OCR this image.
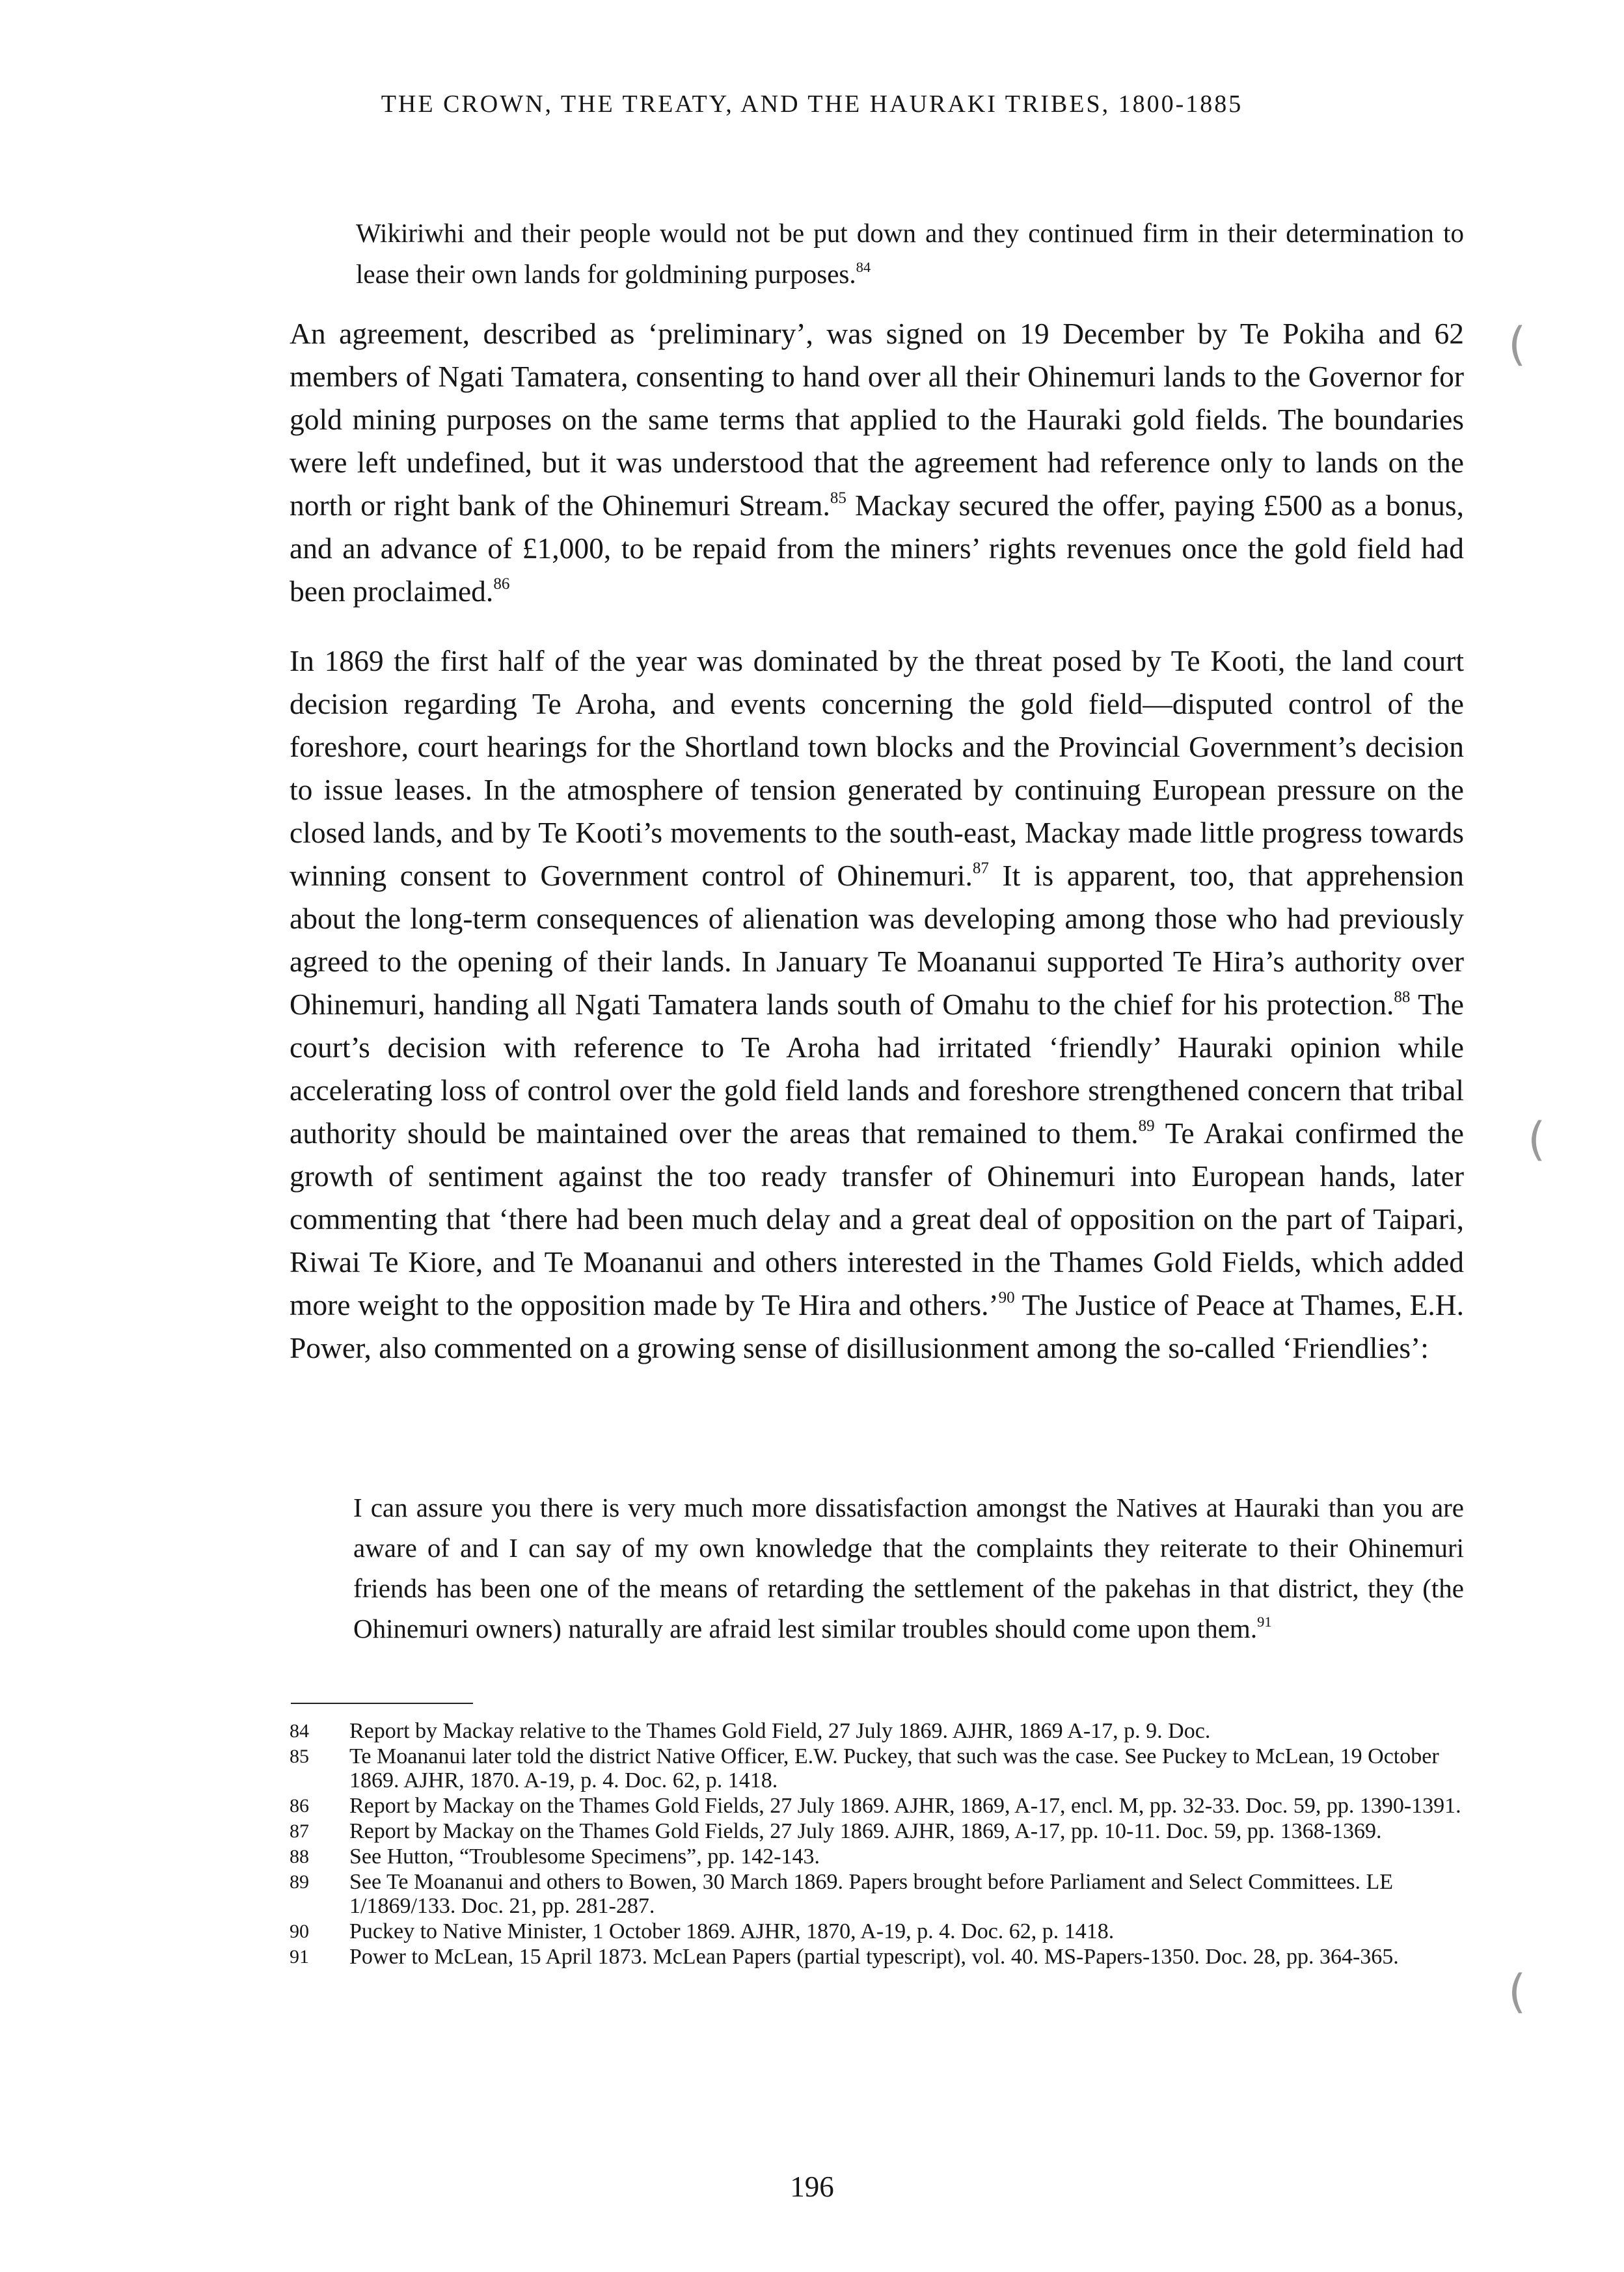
THE CROWN, THE TREATY, AND THE HAURAKI TRIBES, 1800-1885

Wikiriwhi and their people would not be put down and they continued firm in their determination to lease their own lands for goldmining purposes.$^{84}$

An agreement, described as ‘preliminary’, was signed on 19 December by Te Pokiha and 62 members of Ngati Tamatera, consenting to hand over all their Ohinemuri lands to the Governor for gold mining purposes on the same terms that applied to the Hauraki gold fields. The boundaries were left undefined, but it was understood that the agreement had reference only to lands on the north or right bank of the Ohinemuri Stream.$^{85}$ Mackay secured the offer, paying £500 as a bonus, and an advance of £1,000, to be repaid from the miners’ rights revenues once the gold field had been proclaimed.$^{86}$

In 1869 the first half of the year was dominated by the threat posed by Te Kooti, the land court decision regarding Te Aroha, and events concerning the gold field—disputed control of the foreshore, court hearings for the Shortland town blocks and the Provincial Government’s decision to issue leases. In the atmosphere of tension generated by continuing European pressure on the closed lands, and by Te Kooti’s movements to the south-east, Mackay made little progress towards winning consent to Government control of Ohinemuri.$^{87}$ It is apparent, too, that apprehension about the long-term consequences of alienation was developing among those who had previously agreed to the opening of their lands. In January Te Moananui supported Te Hira’s authority over Ohinemuri, handing all Ngati Tamatera lands south of Omahu to the chief for his protection.$^{88}$ The court’s decision with reference to Te Aroha had irritated ‘friendly’ Hauraki opinion while accelerating loss of control over the gold field lands and foreshore strengthened concern that tribal authority should be maintained over the areas that remained to them.$^{89}$ Te Arakai confirmed the growth of sentiment against the too ready transfer of Ohinemuri into European hands, later commenting that ‘there had been much delay and a great deal of opposition on the part of Taipari, Riwai Te Kiore, and Te Moananui and others interested in the Thames Gold Fields, which added more weight to the opposition made by Te Hira and others.’$^{90}$ The Justice of Peace at Thames, E.H. Power, also commented on a growing sense of disillusionment among the so-called ‘Friendlies’:

I can assure you there is very much more dissatisfaction amongst the Natives at Hauraki than you are aware of and I can say of my own knowledge that the complaints they reiterate to their Ohinemuri friends has been one of the means of retarding the settlement of the pakehas in that district, they (the Ohinemuri owners) naturally are afraid lest similar troubles should come upon them.$^{91}$

84	Report by Mackay relative to the Thames Gold Field, 27 July 1869. AJHR, 1869 A-17, p. 9. Doc.
85	Te Moananui later told the district Native Officer, E.W. Puckey, that such was the case. See Puckey to McLean, 19 October 1869. AJHR, 1870. A-19, p. 4. Doc. 62, p. 1418.
86	Report by Mackay on the Thames Gold Fields, 27 July 1869. AJHR, 1869, A-17, encl. M, pp. 32-33. Doc. 59, pp. 1390-1391.
87	Report by Mackay on the Thames Gold Fields, 27 July 1869. AJHR, 1869, A-17, pp. 10-11. Doc. 59, pp. 1368-1369.
88	See Hutton, “Troublesome Specimens”, pp. 142-143.
89	See Te Moananui and others to Bowen, 30 March 1869. Papers brought before Parliament and Select Committees. LE 1/1869/133. Doc. 21, pp. 281-287.
90	Puckey to Native Minister, 1 October 1869. AJHR, 1870, A-19, p. 4. Doc. 62, p. 1418.
91	Power to McLean, 15 April 1873. McLean Papers (partial typescript), vol. 40. MS-Papers-1350. Doc. 28, pp. 364-365.
196
(
(
(
